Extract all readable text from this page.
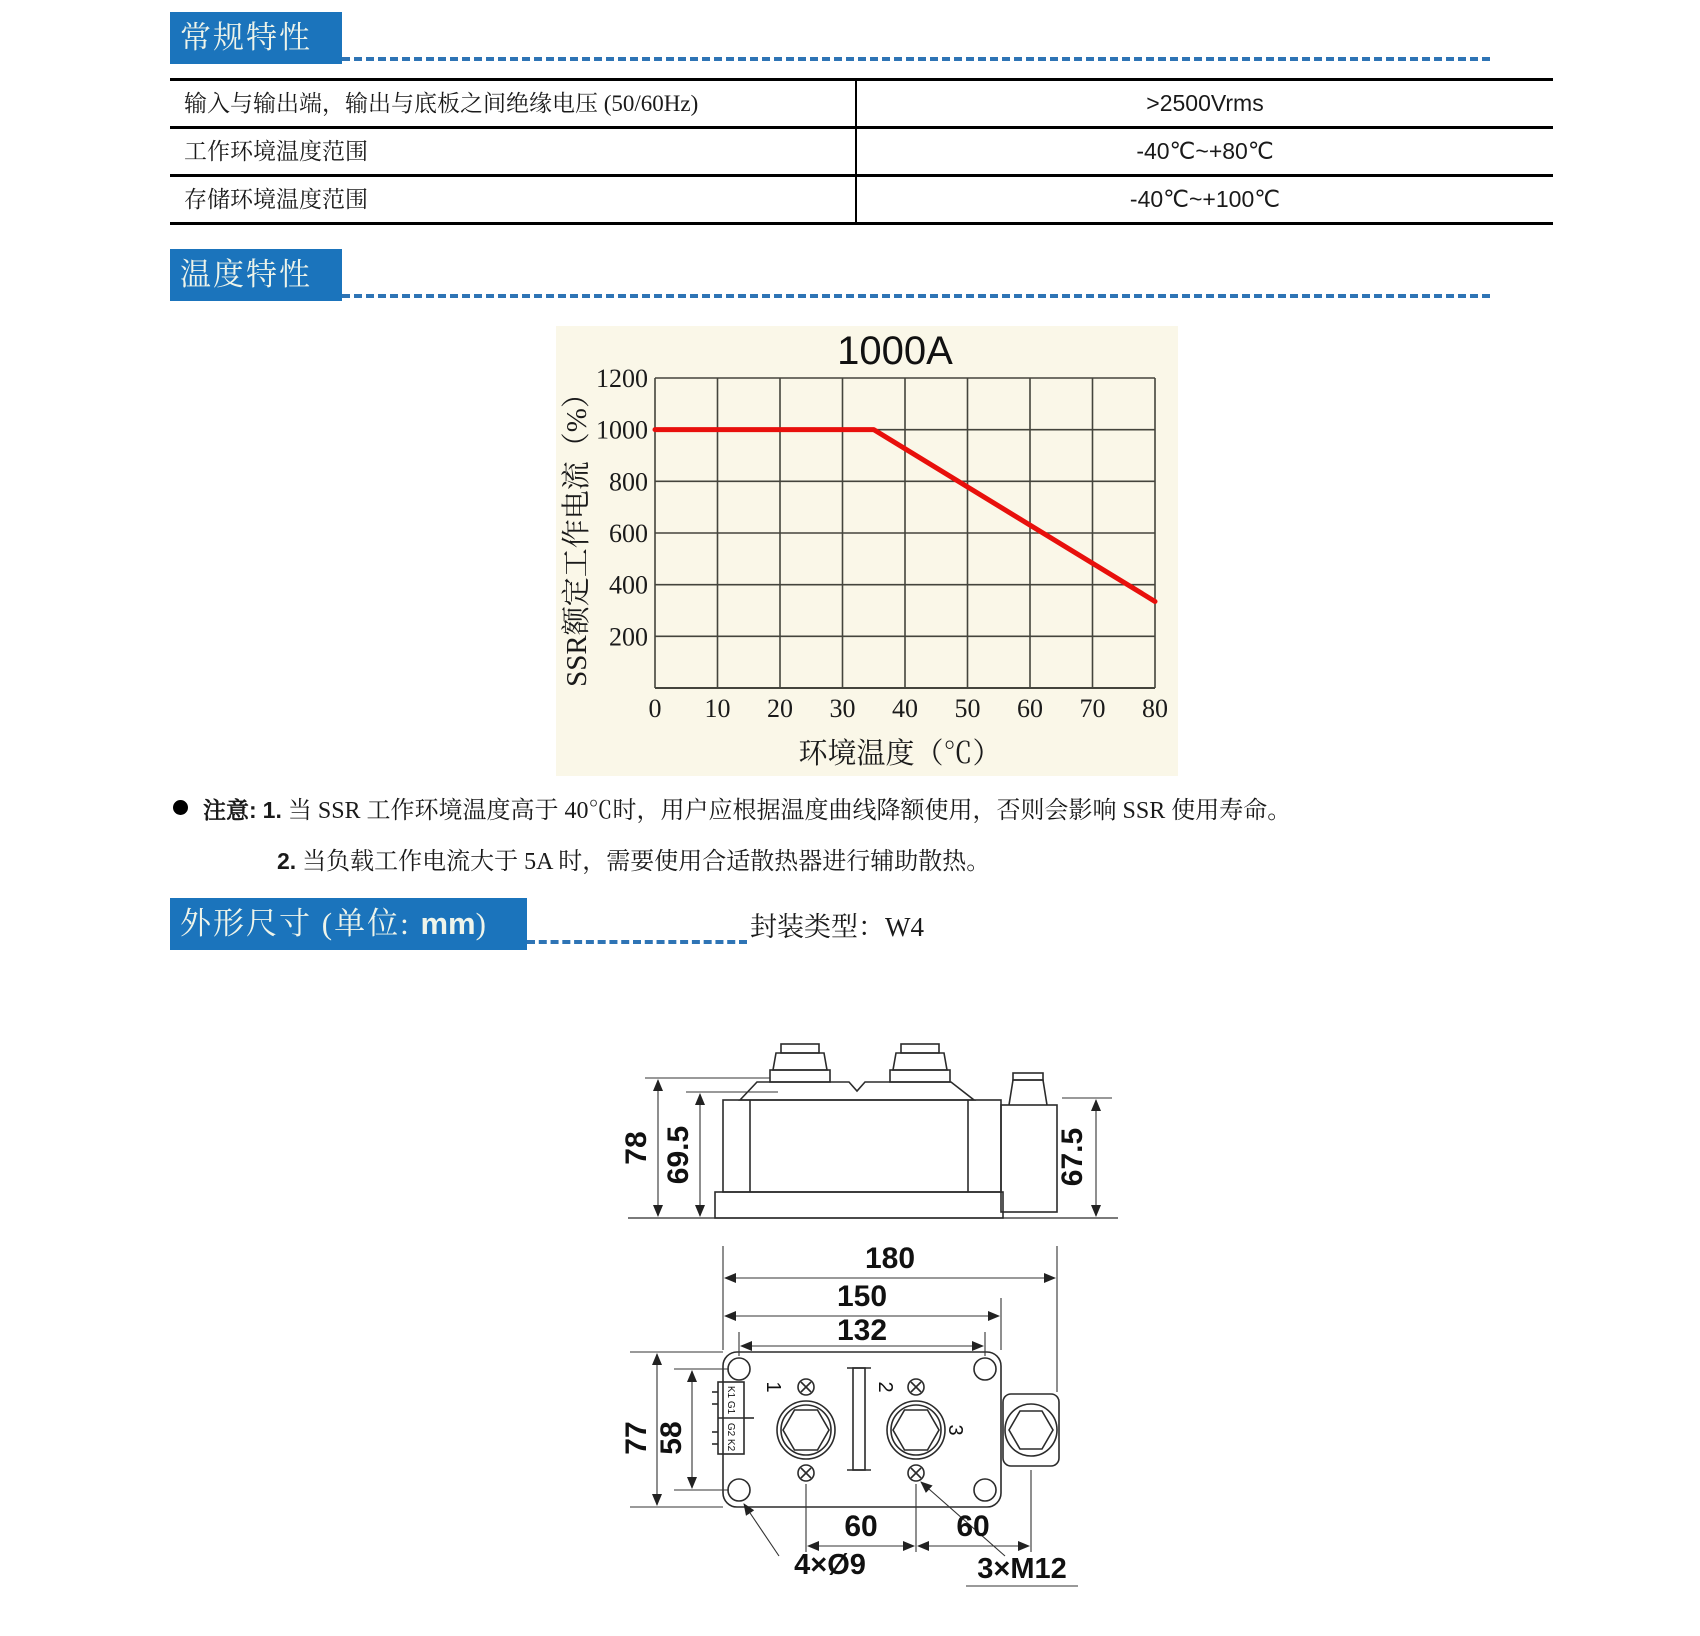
常规特性
输入与输出端，输出与底板之间绝缘电压 (50/60Hz)	>2500Vrms
工作环境温度范围	-40℃~+80℃
存储环境温度范围	-40℃~+100℃
温度特性
0 10 20 30 40 50 60 70 80
200
400
600
800
1000
1200
1000A
环境温度（℃）
SSR额定工作电流（%）
注意: 1. 当 SSR 工作环境温度高于 40℃时，用户应根据温度曲线降额使用，否则会影响 SSR 使用寿命。
2. 当负载工作电流大于 5A 时，需要使用合适散热器进行辅助散热。
外形尺寸 (单位: mm)	封装类型：W4
78 69.5	67.5
180
150
132
77 58
60	60
1	2
3
K1 G1
G2 K2
4×Ø9	3×M12
